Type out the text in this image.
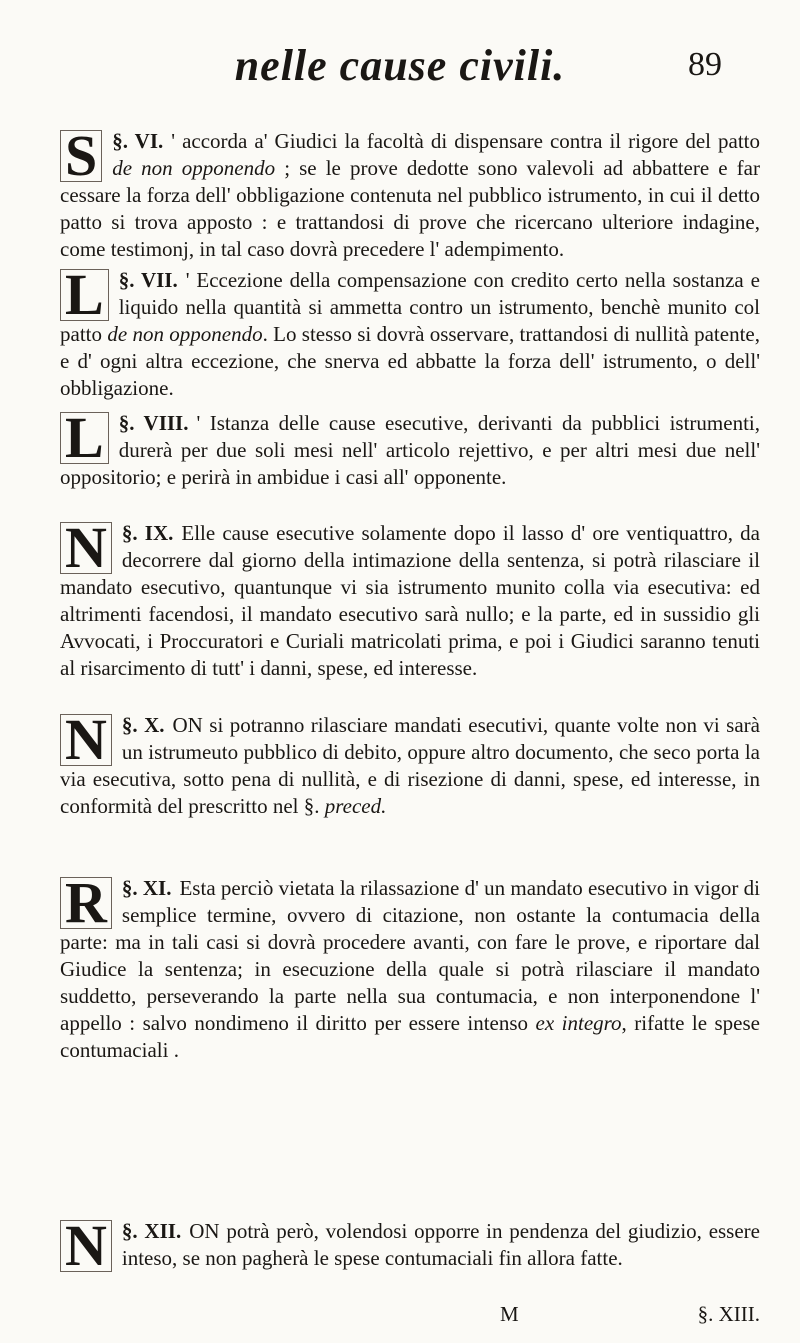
nelle cause civili.	89
§. VI.
S	' accorda a' Giudici la facoltà di dispensare contra il rigore del patto de non opponendo ; se le prove dedotte sono valevoli ad abbattere e far cessare la forza dell' obbligazione contenuta nel pubblico istrumento, in cui il detto patto si trova apposto : e trattandosi di prove che ricercano ulteriore indagine, come testimonj, in tal caso dovrà precedere l' adempimento.
§. VII.
L	' Eccezione della compensazione con credito certo nella sostanza e liquido nella quantità si ammetta contro un istrumento, benchè munito col patto de non opponendo. Lo stesso si dovrà osservare, trattandosi di nullità patente, e d' ogni altra eccezione, che snerva ed abbatte la forza dell' istrumento, o dell' obbligazione.
§. VIII.
L	' Istanza delle cause esecutive, derivanti da pubblici istrumenti, durerà per due soli mesi nell' articolo rejettivo, e per altri mesi due nell' oppositorio; e perirà in ambidue i casi all' opponente.
§. IX.
N	Elle cause esecutive solamente dopo il lasso d' ore ventiquattro, da decorrere dal giorno della intimazione della sentenza, si potrà rilasciare il mandato esecutivo, quantunque vi sia istrumento munito colla via esecutiva: ed altrimenti facendosi, il mandato esecutivo sarà nullo; e la parte, ed in sussidio gli Avvocati, i Proccuratori e Curiali matricolati prima, e poi i Giudici saranno tenuti al risarcimento di tutt' i danni, spese, ed interesse.
§. X.
N	ON si potranno rilasciare mandati esecutivi, quante volte non vi sarà un istrumeuto pubblico di debito, oppure altro documento, che seco porta la via esecutiva, sotto pena di nullità, e di risezione di danni, spese, ed interesse, in conformità del prescritto nel §. preced.
§. XI.
R	Esta perciò vietata la rilassazione d' un mandato esecutivo in vigor di semplice termine, ovvero di citazione, non ostante la contumacia della parte: ma in tali casi si dovrà procedere avanti, con fare le prove, e riportare dal Giudice la sentenza; in esecuzione della quale si potrà rilasciare il mandato suddetto, perseverando la parte nella sua contumacia, e non interponendone l' appello : salvo nondimeno il diritto per essere intenso ex integro, rifatte le spese contumaciali .
§. XII.
N	ON potrà però, volendosi opporre in pendenza del giudizio, essere inteso, se non pagherà le spese contumaciali fin allora fatte.
M	§. XIII.
